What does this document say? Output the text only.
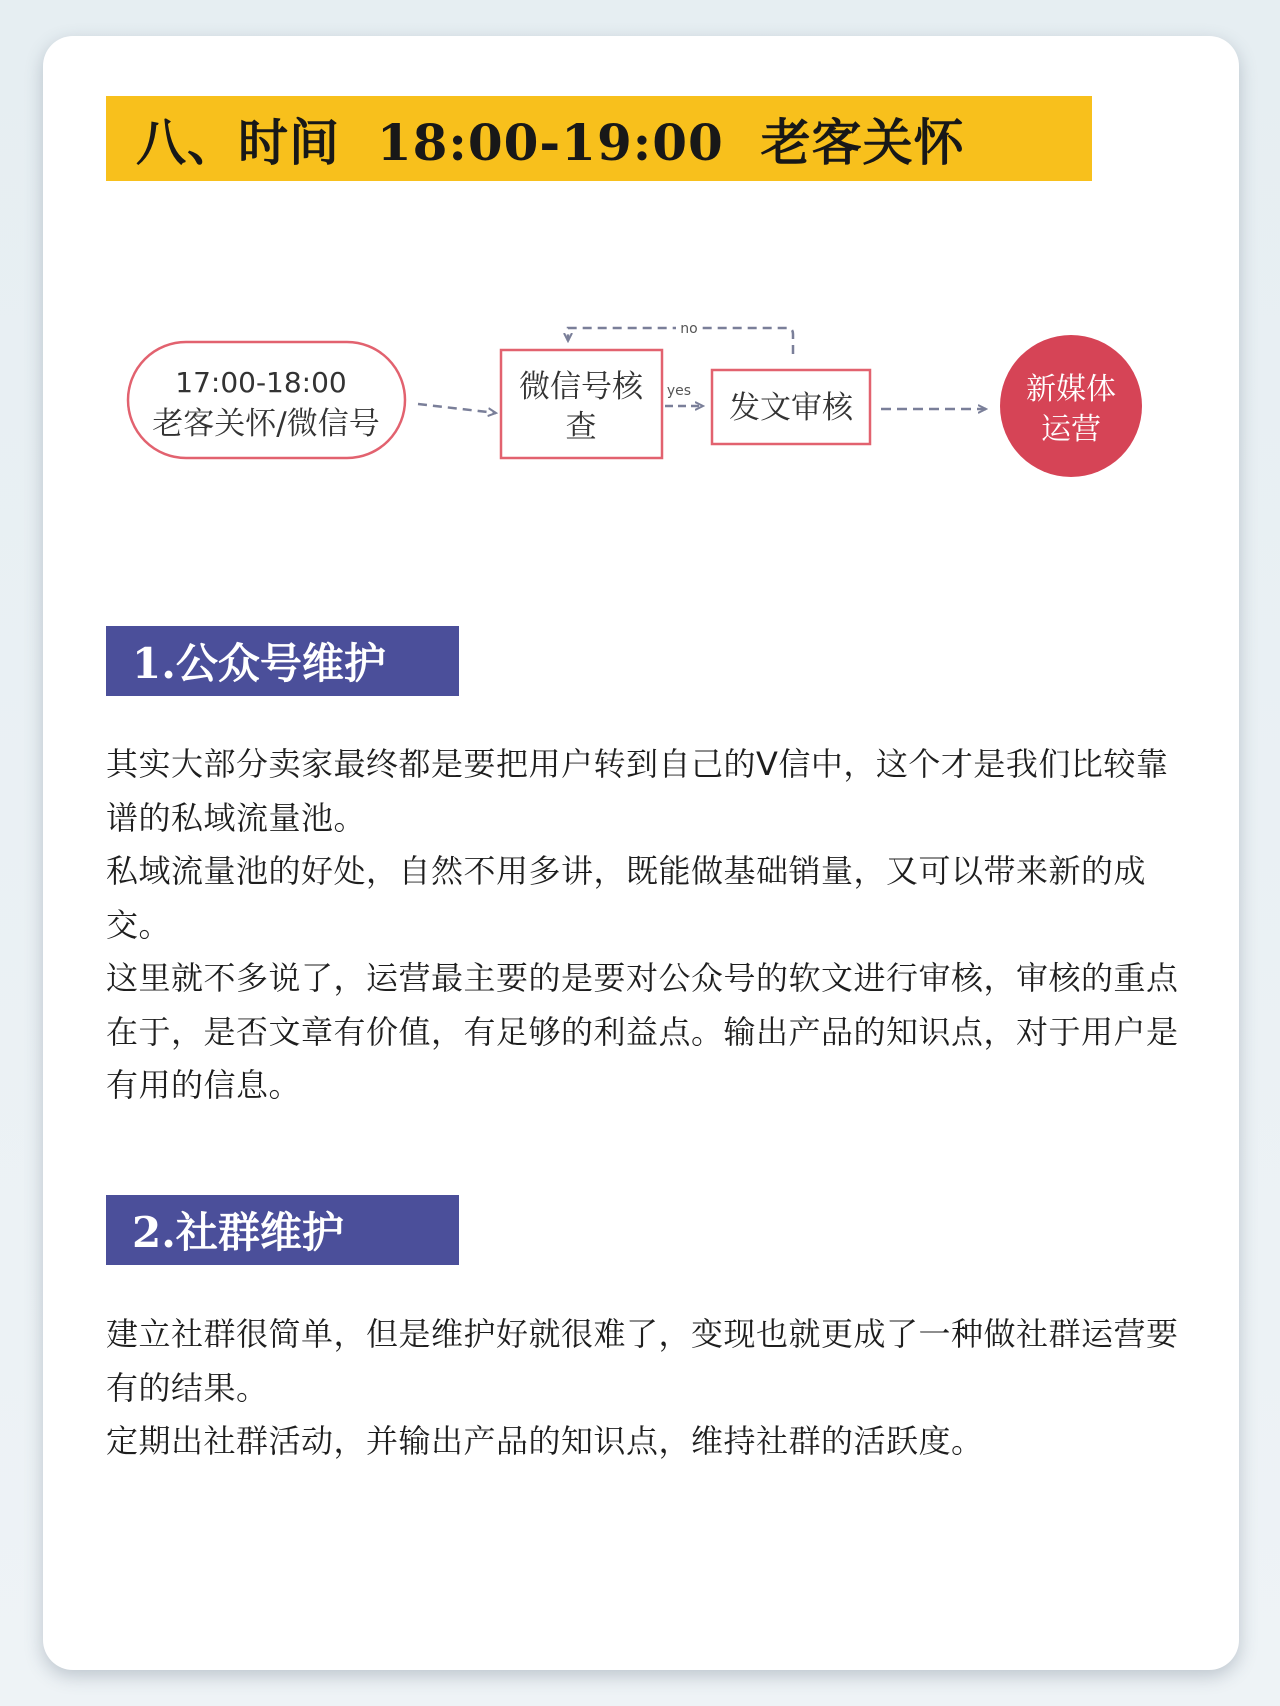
八、时间  18:00-19:00  老客关怀
17:00-18:00
老客关怀/微信号
微信号核
查
yes 发文审核
no
新媒体
运营
1.公众号维护

其实大部分卖家最终都是要把用户转到自己的V信中，这个才是我们比较靠谱的私域流量池。

私域流量池的好处，自然不用多讲，既能做基础销量，又可以带来新的成交。

这里就不多说了，运营最主要的是要对公众号的软文进行审核，审核的重点在于，是否文章有价值，有足够的利益点。输出产品的知识点，对于用户是有用的信息。

2.社群维护

建立社群很简单，但是维护好就很难了，变现也就更成了一种做社群运营要有的结果。

定期出社群活动，并输出产品的知识点，维持社群的活跃度。
